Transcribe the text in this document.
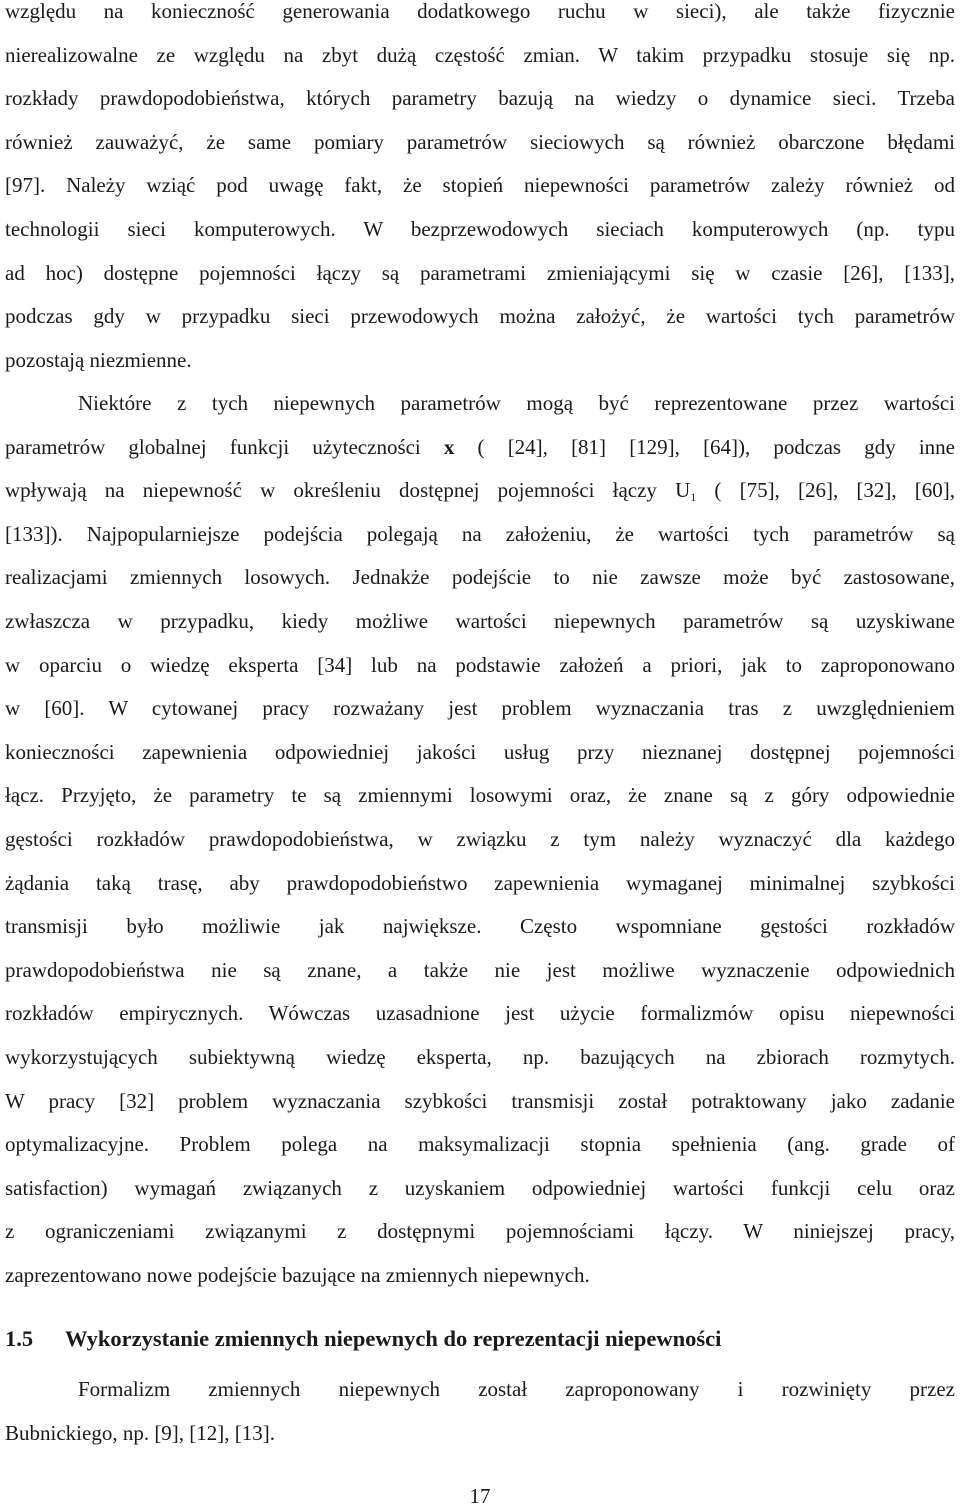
względu na konieczność generowania dodatkowego ruchu w sieci), ale także fizycznie
nierealizowalne ze względu na zbyt dużą częstość zmian. W takim przypadku stosuje się np.
rozkłady prawdopodobieństwa, których parametry bazują na wiedzy o dynamice sieci. Trzeba
również zauważyć, że same pomiary parametrów sieciowych są również obarczone błędami
[97]. Należy wziąć pod uwagę fakt, że stopień niepewności parametrów zależy również od
technologii sieci komputerowych. W bezprzewodowych sieciach komputerowych (np. typu
ad hoc) dostępne pojemności łączy są parametrami zmieniającymi się w czasie [26], [133],
podczas gdy w przypadku sieci przewodowych można założyć, że wartości tych parametrów
pozostają niezmienne.
Niektóre z tych niepewnych parametrów mogą być reprezentowane przez wartości
parametrów globalnej funkcji użyteczności x ( [24], [81] [129], [64]), podczas gdy inne
wpływają na niepewność w określeniu dostępnej pojemności łączy $U_1$ ( [75], [26], [32], [60],
[133]). Najpopularniejsze podejścia polegają na założeniu, że wartości tych parametrów są
realizacjami zmiennych losowych. Jednakże podejście to nie zawsze może być zastosowane,
zwłaszcza w przypadku, kiedy możliwe wartości niepewnych parametrów są uzyskiwane
w oparciu o wiedzę eksperta [34] lub na podstawie założeń a priori, jak to zaproponowano
w [60]. W cytowanej pracy rozważany jest problem wyznaczania tras z uwzględnieniem
konieczności zapewnienia odpowiedniej jakości usług przy nieznanej dostępnej pojemności
łącz. Przyjęto, że parametry te są zmiennymi losowymi oraz, że znane są z góry odpowiednie
gęstości rozkładów prawdopodobieństwa, w związku z tym należy wyznaczyć dla każdego
żądania taką trasę, aby prawdopodobieństwo zapewnienia wymaganej minimalnej szybkości
transmisji było możliwie jak największe. Często wspomniane gęstości rozkładów
prawdopodobieństwa nie są znane, a także nie jest możliwe wyznaczenie odpowiednich
rozkładów empirycznych. Wówczas uzasadnione jest użycie formalizmów opisu niepewności
wykorzystujących subiektywną wiedzę eksperta, np. bazujących na zbiorach rozmytych.
W pracy [32] problem wyznaczania szybkości transmisji został potraktowany jako zadanie
optymalizacyjne. Problem polega na maksymalizacji stopnia spełnienia (ang. grade of
satisfaction) wymagań związanych z uzyskaniem odpowiedniej wartości funkcji celu oraz
z ograniczeniami związanymi z dostępnymi pojemnościami łączy. W niniejszej pracy,
zaprezentowano nowe podejście bazujące na zmiennych niepewnych.
1.5 Wykorzystanie zmiennych niepewnych do reprezentacji niepewności
Formalizm zmiennych niepewnych został zaproponowany i rozwinięty przez
Bubnickiego, np. [9], [12], [13].
17
